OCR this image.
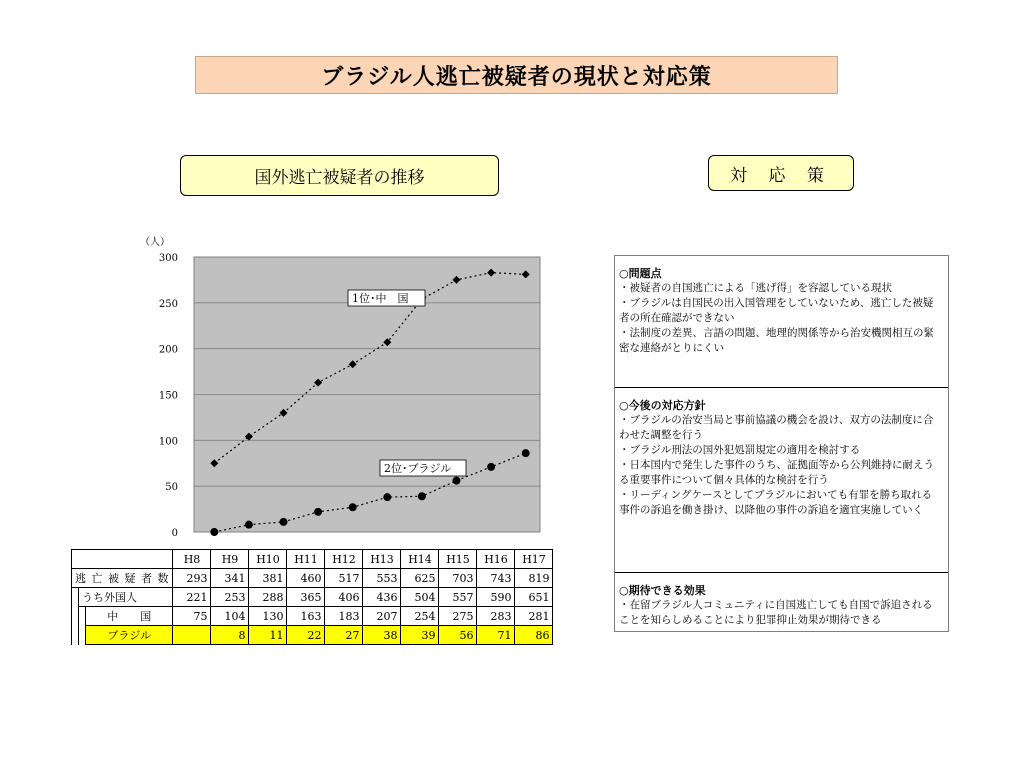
ブラジル人逃亡被疑者の現状と対応策
国外逃亡被疑者の推移	対 応 策
（人）
0
50
100
150
200
250
300
1位･中　国
2位･ブラジル
			H8	H9	H10	H11	H12	H13	H14	H15	H16	H17
逃 亡 被 疑 者 数			293	341	381	460	517	553	625	703	743	819
	うち外国人		221	253	288	365	406	436	504	557	590	651
		中　　国	75	104	130	163	183	207	254	275	283	281
		ブラジル		8	11	22	27	38	39	56	71	86
○問題点

・被疑者の自国逃亡による「逃げ得」を容認している現状

・ブラジルは自国民の出入国管理をしていないため、逃亡した被疑者の所在確認ができない

・法制度の差異、言語の問題、地理的関係等から治安機関相互の緊密な連絡がとりにくい

○今後の対応方針

・ブラジルの治安当局と事前協議の機会を設け、双方の法制度に合わせた調整を行う

・ブラジル刑法の国外犯処罰規定の適用を検討する

・日本国内で発生した事件のうち、証拠面等から公判維持に耐えうる重要事件について個々具体的な検討を行う

・リーディングケースとしてブラジルにおいても有罪を勝ち取れる事件の訴追を働き掛け、以降他の事件の訴追を適宜実施していく

○期待できる効果

・在留ブラジル人コミュニティに自国逃亡しても自国で訴追されることを知らしめることにより犯罪抑止効果が期待できる
